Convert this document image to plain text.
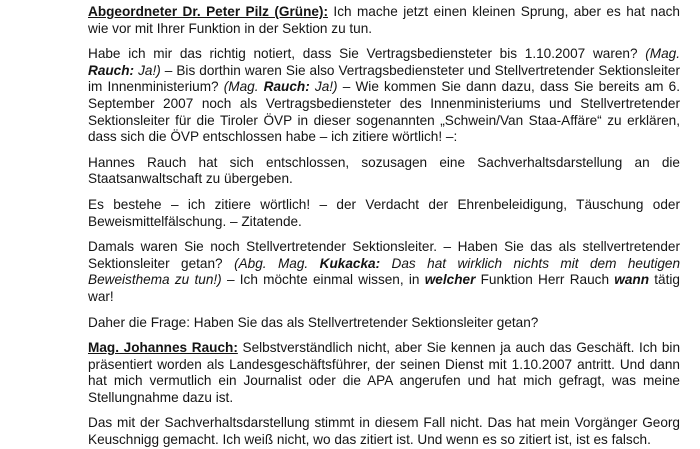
Abgeordneter Dr. Peter Pilz (Grüne): Ich mache jetzt einen kleinen Sprung, aber es hat nach wie vor mit Ihrer Funktion in der Sektion zu tun.

Habe ich mir das richtig notiert, dass Sie Vertragsbediensteter bis 1.10.2007 waren? (Mag. Rauch: Ja!) – Bis dorthin waren Sie also Vertragsbediensteter und Stellvertretender Sektionsleiter im Innenministerium? (Mag. Rauch: Ja!) – Wie kommen Sie dann dazu, dass Sie bereits am 6. September 2007 noch als Vertragsbediensteter des Innenministeriums und Stellvertretender Sektionsleiter für die Tiroler ÖVP in dieser sogenannten „Schwein/Van Staa-Affäre“ zu erklären, dass sich die ÖVP entschlossen habe – ich zitiere wörtlich! –:

Hannes Rauch hat sich entschlossen, sozusagen eine Sachverhaltsdarstellung an die Staatsanwaltschaft zu übergeben.

Es bestehe – ich zitiere wörtlich! – der Verdacht der Ehrenbeleidigung, Täuschung oder Beweismittelfälschung. – Zitatende.

Damals waren Sie noch Stellvertretender Sektionsleiter. – Haben Sie das als stellvertretender Sektionsleiter getan? (Abg. Mag. Kukacka: Das hat wirklich nichts mit dem heutigen Beweisthema zu tun!) – Ich möchte einmal wissen, in welcher Funktion Herr Rauch wann tätig war!

Daher die Frage: Haben Sie das als Stellvertretender Sektionsleiter getan?

Mag. Johannes Rauch: Selbstverständlich nicht, aber Sie kennen ja auch das Geschäft. Ich bin präsentiert worden als Landesgeschäftsführer, der seinen Dienst mit 1.10.2007 antritt. Und dann hat mich vermutlich ein Journalist oder die APA angerufen und hat mich gefragt, was meine Stellungnahme dazu ist.

Das mit der Sachverhaltsdarstellung stimmt in diesem Fall nicht. Das hat mein Vorgänger Georg Keuschnigg gemacht. Ich weiß nicht, wo das zitiert ist. Und wenn es so zitiert ist, ist es falsch.
